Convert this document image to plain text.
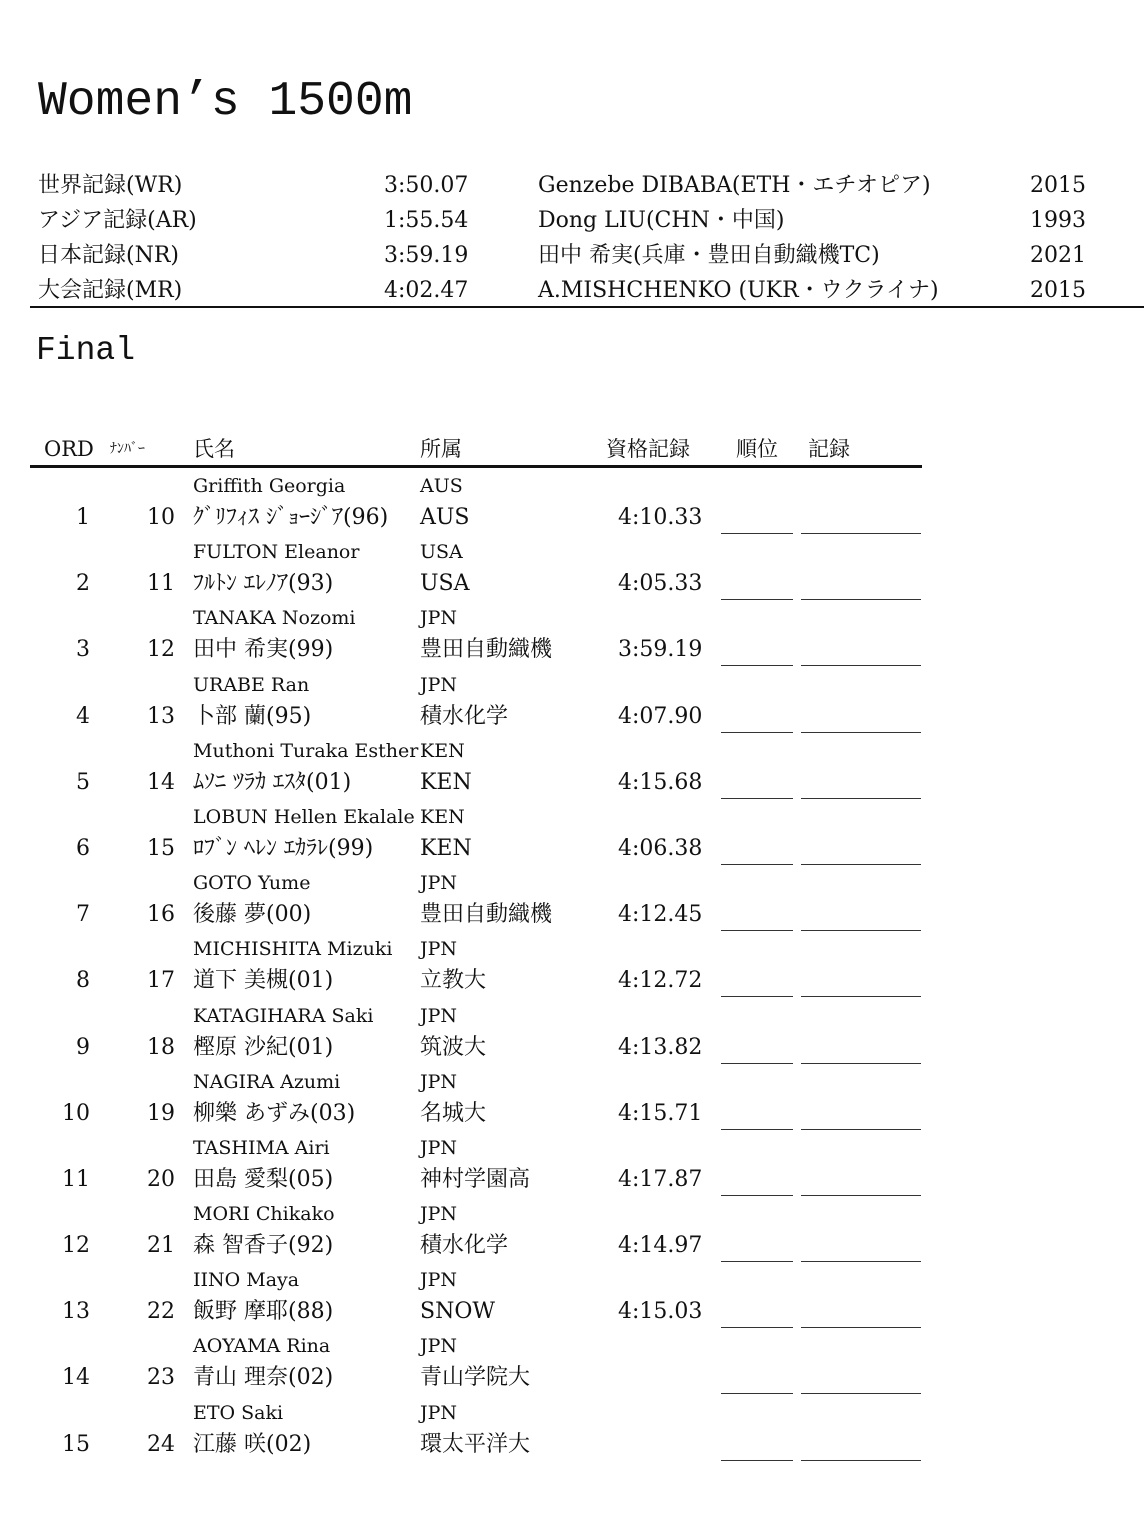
Women’s 1500m
世界記録(WR)	3:50.07	Genzebe DIBABA(ETH・エチオピア)	2015
アジア記録(AR)	1:55.54	Dong LIU(CHN・中国)	1993
日本記録(NR)	3:59.19	田中 希実(兵庫・豊田自動織機TC)	2021
大会記録(MR)	4:02.47	A.MISHCHENKO (UKR・ウクライナ)	2015
Final
ORD ﾅﾝﾊﾞｰ 氏名	所属	資格記録 順位 記録
Griffith Georgia	AUS
1	10 ｸﾞﾘﾌｨｽ ｼﾞｮｰｼﾞｱ(96) AUS	4:10.33
FULTON Eleanor	USA
2	11 ﾌﾙﾄﾝ ｴﾚﾉｱ(93)	USA	4:05.33
TANAKA Nozomi	JPN
3	12 田中 希実(99)	豊田自動織機	3:59.19
URABE Ran	JPN
4	13 卜部 蘭(95)	積水化学	4:07.90
Muthoni Turaka Esther KEN
5	14 ﾑｿﾆ ﾂﾗｶ ｴｽﾀ(01)	KEN	4:15.68
LOBUN Hellen Ekalale KEN
6	15 ﾛﾌﾞﾝ ﾍﾚﾝ ｴｶﾗﾚ(99) KEN	4:06.38
GOTO Yume	JPN
7	16 後藤 夢(00)	豊田自動織機	4:12.45
MICHISHITA Mizuki JPN
8	17 道下 美槻(01)	立教大	4:12.72
KATAGIHARA Saki JPN
9	18 樫原 沙紀(01)	筑波大	4:13.82
NAGIRA Azumi	JPN
10	19 柳樂 あずみ(03)	名城大	4:15.71
TASHIMA Airi	JPN
11	20 田島 愛梨(05)	神村学園高	4:17.87
MORI Chikako	JPN
12	21 森 智香子(92)	積水化学	4:14.97
IINO Maya	JPN
13	22 飯野 摩耶(88)	SNOW	4:15.03
AOYAMA Rina	JPN
14	23 青山 理奈(02)	青山学院大
ETO Saki	JPN
15	24 江藤 咲(02)	環太平洋大
